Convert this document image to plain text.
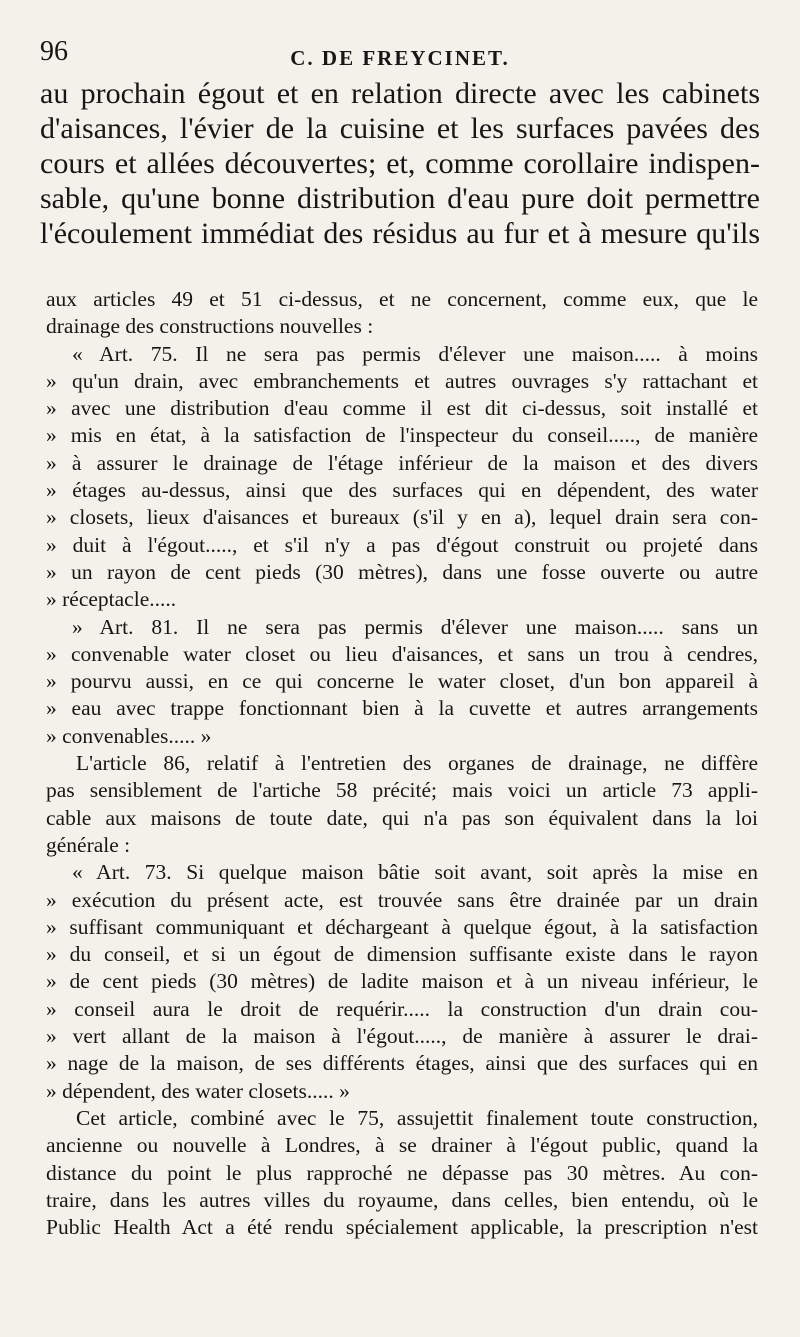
96	C. DE FREYCINET.
au prochain égout et en relation directe avec les cabinets
d'aisances, l'évier de la cuisine et les surfaces pavées des
cours et allées découvertes; et, comme corollaire indispen-
sable, qu'une bonne distribution d'eau pure doit permettre
l'écoulement immédiat des résidus au fur et à mesure qu'ils
aux articles 49 et 51 ci-dessus, et ne concernent, comme eux, que le
drainage des constructions nouvelles :
« Art. 75. Il ne sera pas permis d'élever une maison..... à moins
» qu'un drain, avec embranchements et autres ouvrages s'y rattachant et
» avec une distribution d'eau comme il est dit ci-dessus, soit installé et
» mis en état, à la satisfaction de l'inspecteur du conseil....., de manière
» à assurer le drainage de l'étage inférieur de la maison et des divers
» étages au-dessus, ainsi que des surfaces qui en dépendent, des water
» closets, lieux d'aisances et bureaux (s'il y en a), lequel drain sera con-
» duit à l'égout....., et s'il n'y a pas d'égout construit ou projeté dans
» un rayon de cent pieds (30 mètres), dans une fosse ouverte ou autre
» réceptacle.....
» Art. 81. Il ne sera pas permis d'élever une maison..... sans un
» convenable water closet ou lieu d'aisances, et sans un trou à cendres,
» pourvu aussi, en ce qui concerne le water closet, d'un bon appareil à
» eau avec trappe fonctionnant bien à la cuvette et autres arrangements
» convenables..... »
L'article 86, relatif à l'entretien des organes de drainage, ne diffère
pas sensiblement de l'artiche 58 précité; mais voici un article 73 appli-
cable aux maisons de toute date, qui n'a pas son équivalent dans la loi
générale :
« Art. 73. Si quelque maison bâtie soit avant, soit après la mise en
» exécution du présent acte, est trouvée sans être drainée par un drain
» suffisant communiquant et déchargeant à quelque égout, à la satisfaction
» du conseil, et si un égout de dimension suffisante existe dans le rayon
» de cent pieds (30 mètres) de ladite maison et à un niveau inférieur, le
» conseil aura le droit de requérir..... la construction d'un drain cou-
» vert allant de la maison à l'égout....., de manière à assurer le drai-
» nage de la maison, de ses différents étages, ainsi que des surfaces qui en
» dépendent, des water closets..... »
Cet article, combiné avec le 75, assujettit finalement toute construction,
ancienne ou nouvelle à Londres, à se drainer à l'égout public, quand la
distance du point le plus rapproché ne dépasse pas 30 mètres. Au con-
traire, dans les autres villes du royaume, dans celles, bien entendu, où le
Public Health Act a été rendu spécialement applicable, la prescription n'est
